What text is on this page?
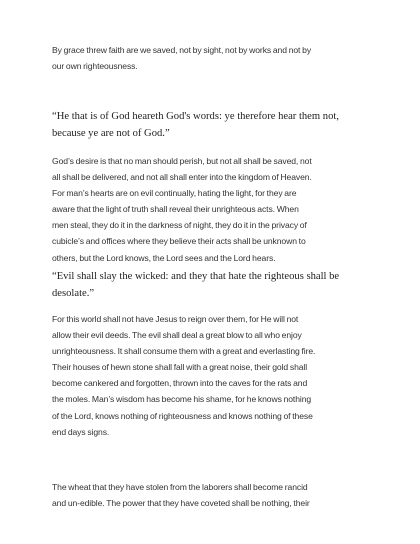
By grace threw faith are we saved, not by sight, not by works and not by
our own righteousness.

“He that is of God heareth God's words: ye therefore hear them not,
because ye are not of God.”

God’s desire is that no man should perish, but not all shall be saved, not
all shall be delivered, and not all shall enter into the kingdom of Heaven.
For man’s hearts are on evil continually, hating the light, for they are
aware that the light of truth shall reveal their unrighteous acts. When
men steal, they do it in the darkness of night, they do it in the privacy of
cubicle’s and offices where they believe their acts shall be unknown to
others, but the Lord knows, the Lord sees and the Lord hears.

“Evil shall slay the wicked: and they that hate the righteous shall be
desolate.”

For this world shall not have Jesus to reign over them, for He will not
allow their evil deeds. The evil shall deal a great blow to all who enjoy
unrighteousness. It shall consume them with a great and everlasting fire.
Their houses of hewn stone shall fall with a great noise, their gold shall
become cankered and forgotten, thrown into the caves for the rats and
the moles. Man’s wisdom has become his shame, for he knows nothing
of the Lord, knows nothing of righteousness and knows nothing of these
end days signs.

The wheat that they have stolen from the laborers shall become rancid
and un-edible. The power that they have coveted shall be nothing, their
